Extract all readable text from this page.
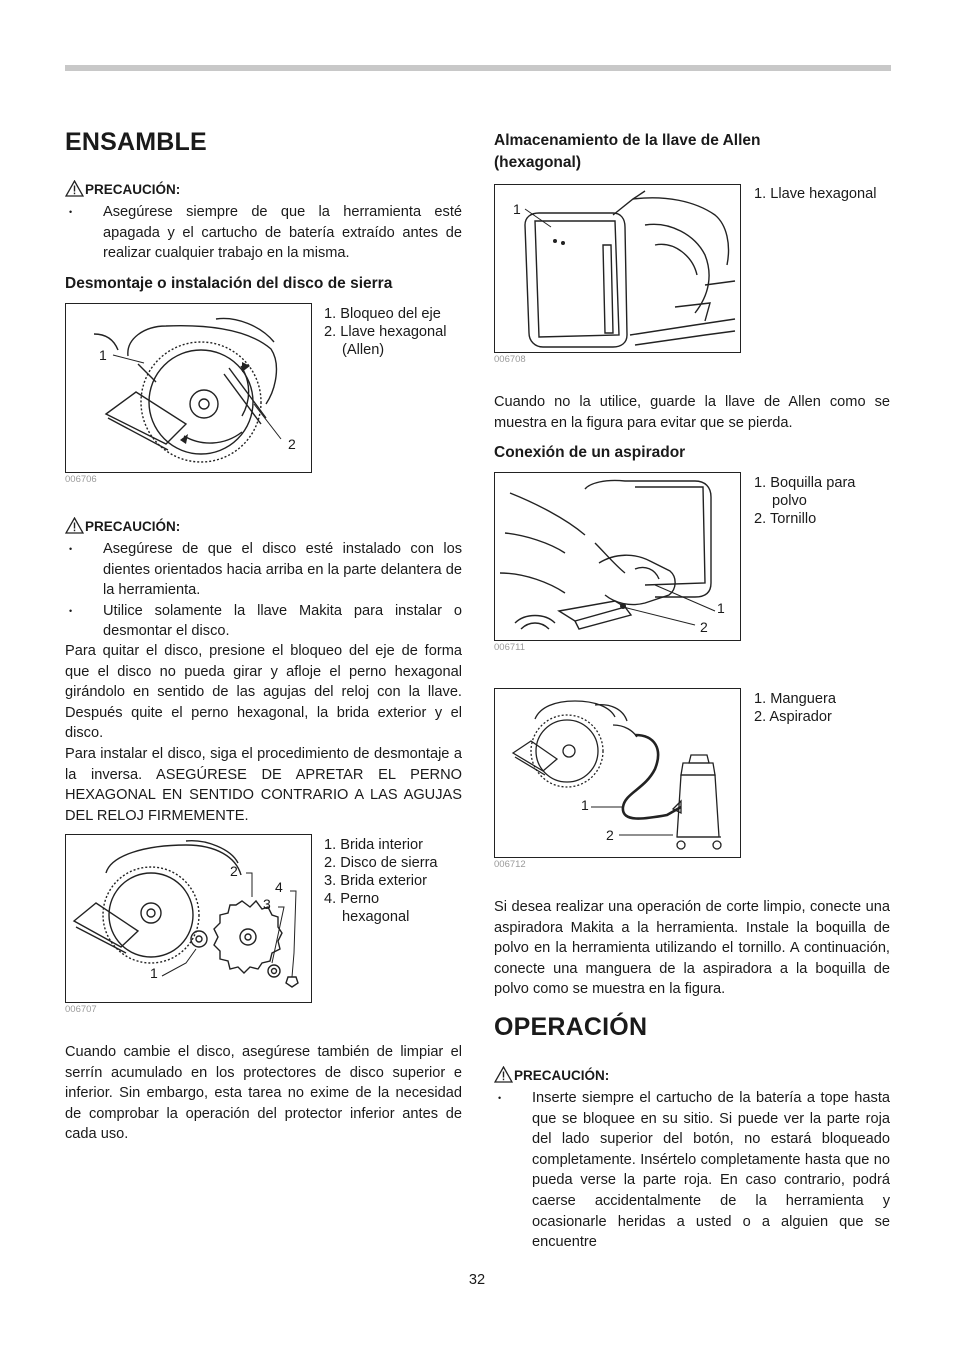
ENSAMBLE
PRECAUCIÓN:
• Asegúrese siempre de que la herramienta esté apagada y el cartucho de batería extraído antes de realizar cualquier trabajo en la misma.
Desmontaje o instalación del disco de sierra
1
2
006706
1. Bloqueo del eje
2. Llave hexagonal
(Allen)
PRECAUCIÓN:
• Asegúrese de que el disco esté instalado con los dientes orientados hacia arriba en la parte delantera de la herramienta.
• Utilice solamente la llave Makita para instalar o desmontar el disco.
Para quitar el disco, presione el bloqueo del eje de forma que el disco no pueda girar y afloje el perno hexagonal girándolo en sentido de las agujas del reloj con la llave. Después quite el perno hexagonal, la brida exterior y el disco.
Para instalar el disco, siga el procedimiento de desmontaje a la inversa. ASEGÚRESE DE APRETAR EL PERNO HEXAGONAL EN SENTIDO CONTRARIO A LAS AGUJAS DEL RELOJ FIRMEMENTE.
1
2
4
3
006707
1. Brida interior
2. Disco de sierra
3. Brida exterior
4. Perno
hexagonal
Cuando cambie el disco, asegúrese también de limpiar el serrín acumulado en los protectores de disco superior e inferior. Sin embargo, esta tarea no exime de la necesidad de comprobar la operación del protector inferior antes de cada uso.
Almacenamiento de la llave de Allen
(hexagonal)
1
006708
1. Llave hexagonal
Cuando no la utilice, guarde la llave de Allen como se muestra en la figura para evitar que se pierda.
Conexión de un aspirador
1
2
006711
1. Boquilla para
polvo
2. Tornillo
1
2
006712
1. Manguera
2. Aspirador
Si desea realizar una operación de corte limpio, conecte una aspiradora Makita a la herramienta. Instale la boquilla de polvo en la herramienta utilizando el tornillo. A continuación, conecte una manguera de la aspiradora a la boquilla de polvo como se muestra en la figura.
OPERACIÓN
PRECAUCIÓN:
• Inserte siempre el cartucho de la batería a tope hasta que se bloquee en su sitio. Si puede ver la parte roja del lado superior del botón, no estará bloqueado completamente. Insértelo completamente hasta que no pueda verse la parte roja. En caso contrario, podrá caerse accidentalmente de la herramienta y ocasionarle heridas a usted o a alguien que se encuentre
32
